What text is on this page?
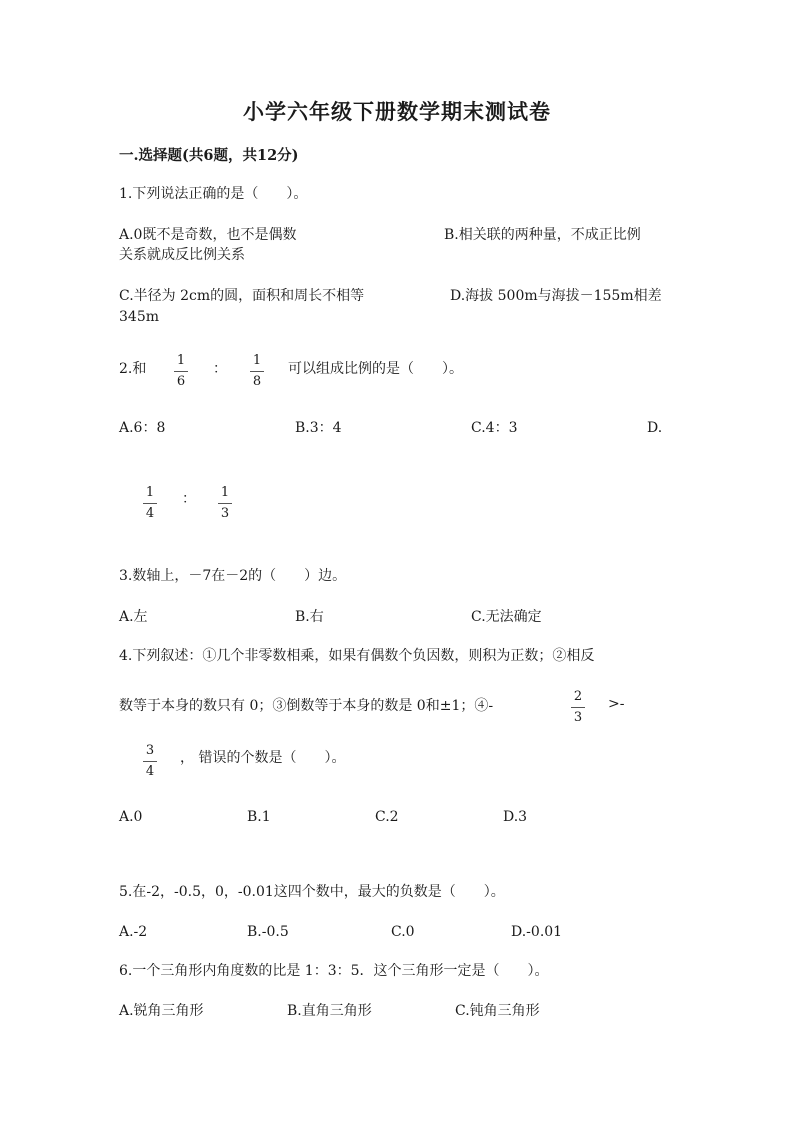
小学六年级下册数学期末测试卷
一.选择题(共6题，共12分)
1.下列说法正确的是（　　）。
A.0既不是奇数，也不是偶数	B.相关联的两种量，不成正比例
关系就成反比例关系
C.半径为 2cm的圆，面积和周长不相等	D.海拔 500m与海拔－155m相差
345m
2.和
1
6
：
1
8
可以组成比例的是（　　）。
A.6：8	B.3：4	C.4：3	D.
1
4
： 1
3
3.数轴上，－7在－2的（　　）边。
A.左	B.右	C.无法确定
4.下列叙述：①几个非零数相乘，如果有偶数个负因数，则积为正数；②相反
数等于本身的数只有 0；③倒数等于本身的数是 0和±1；④-
2
3
>-
3
4
， 错误的个数是（　　）。
A.0	B.1	C.2	D.3
5.在-2，-0.5，0，-0.01这四个数中，最大的负数是（　　）。
A.-2	B.-0.5	C.0	D.-0.01
6.一个三角形内角度数的比是 1：3：5．这个三角形一定是（　　）。
A.锐角三角形	B.直角三角形	C.钝角三角形
